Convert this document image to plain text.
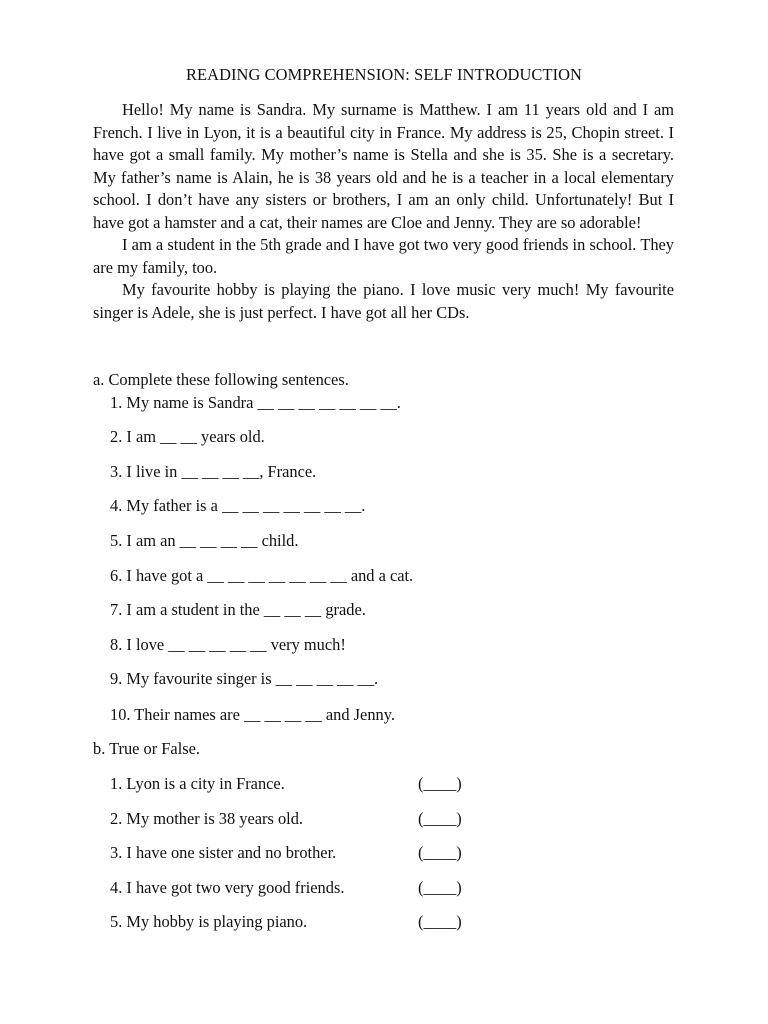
READING COMPREHENSION: SELF INTRODUCTION

Hello! My name is Sandra. My surname is Matthew. I am 11 years old and I am French. I live in Lyon, it is a beautiful city in France. My address is 25, Chopin street. I have got a small family. My mother’s name is Stella and she is 35. She is a secretary. My father’s name is Alain, he is 38 years old and he is a teacher in a local elementary school. I don’t have any sisters or brothers, I am an only child. Unfortunately! But I have got a hamster and a cat, their names are Cloe and Jenny. They are so adorable!

I am a student in the 5th grade and I have got two very good friends in school. They are my family, too.

My favourite hobby is playing the piano. I love music very much! My favourite singer is Adele, she is just perfect. I have got all her CDs.

a. Complete these following sentences.
1. My name is Sandra __ __ __ __ __ __ __.
2. I am __ __ years old.
3. I live in __ __ __ __, France.
4. My father is a __ __ __ __ __ __ __.
5. I am an __ __ __ __ child.
6. I have got a __ __ __ __ __ __ __ and a cat.
7. I am a student in the __ __ __ grade.
8. I love __ __ __ __ __ very much!
9. My favourite singer is __ __ __ __ __.
10. Their names are __ __ __ __ and Jenny.
b. True or False.
1. Lyon is a city in France.	(____)
2. My mother is 38 years old.	(____)
3. I have one sister and no brother.	(____)
4. I have got two very good friends.	(____)
5. My hobby is playing piano.	(____)
